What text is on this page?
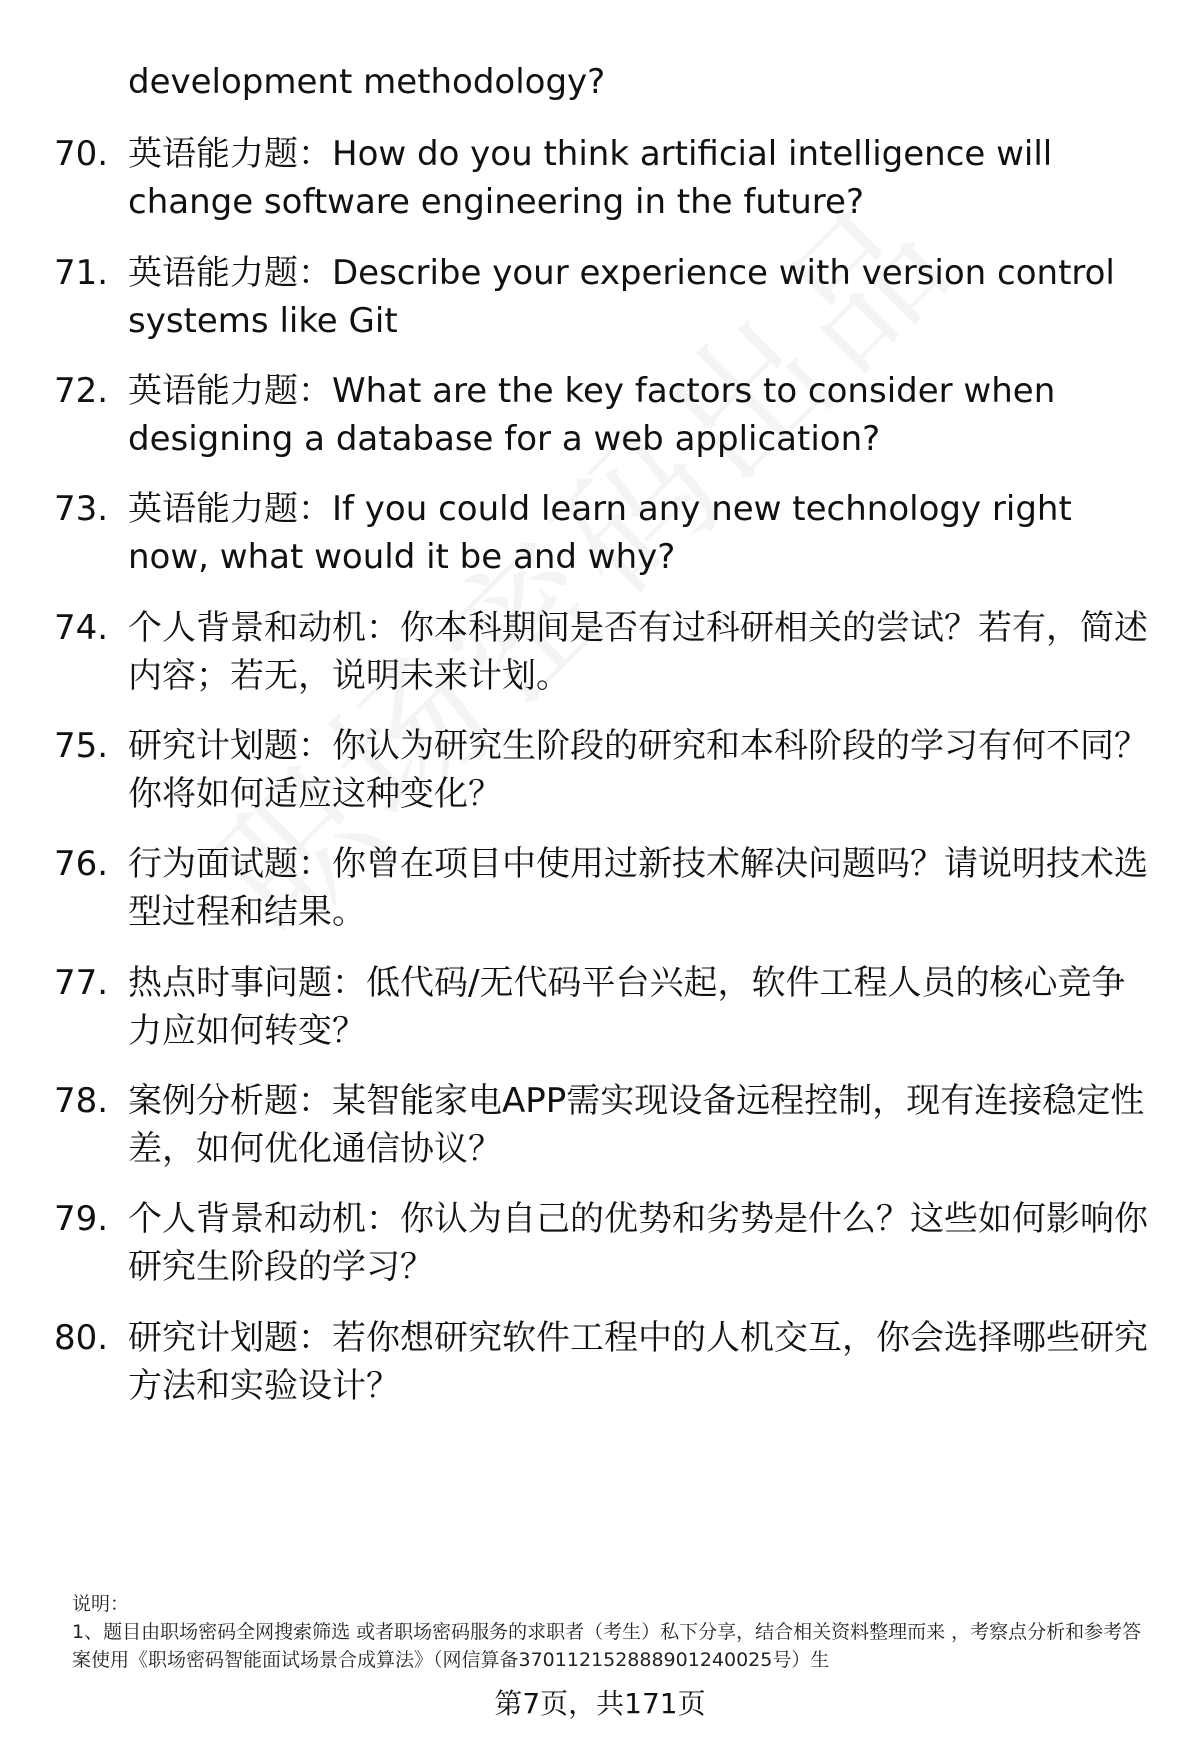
development methodology?
70. 英语能力题：How do you think artificial intelligence will change software engineering in the future?
71. 英语能力题：Describe your experience with version control systems like Git
72. 英语能力题：What are the key factors to consider when designing a database for a web application?
73. 英语能力题：If you could learn any new technology right now, what would it be and why?
74. 个人背景和动机：你本科期间是否有过科研相关的尝试？若有，简述内容；若无，说明未来计划。
75. 研究计划题：你认为研究生阶段的研究和本科阶段的学习有何不同？你将如何适应这种变化？
76. 行为面试题：你曾在项目中使用过新技术解决问题吗？请说明技术选型过程和结果。
77. 热点时事问题：低代码/无代码平台兴起，软件工程人员的核心竞争力应如何转变？
78. 案例分析题：某智能家电APP需实现设备远程控制，现有连接稳定性差，如何优化通信协议？
79. 个人背景和动机：你认为自己的优势和劣势是什么？这些如何影响你研究生阶段的学习？
80. 研究计划题：若你想研究软件工程中的人机交互，你会选择哪些研究方法和实验设计？
说明：
1、题目由职场密码全网搜索筛选 或者职场密码服务的求职者（考生）私下分享，结合相关资料整理而来 ，考察点分析和参考答案使用《职场密码智能面试场景合成算法》（网信算备370112152888901240025号）生
第7页，共171页
